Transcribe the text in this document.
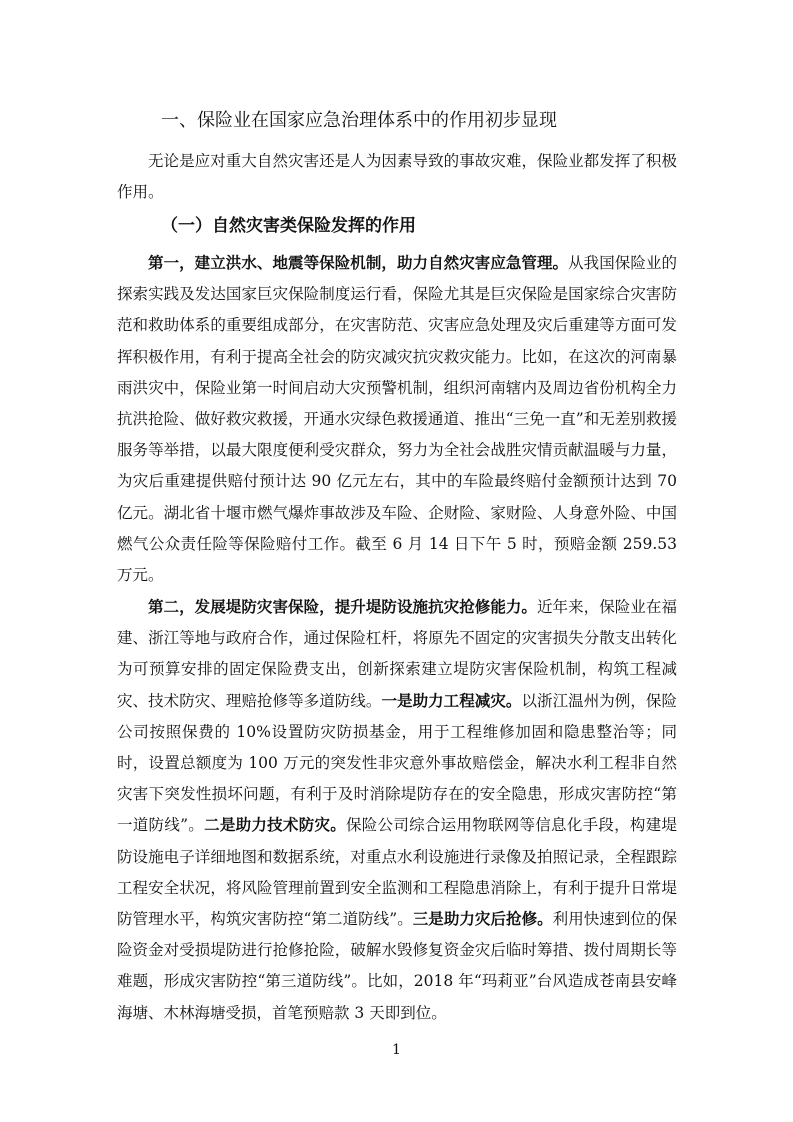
一、保险业在国家应急治理体系中的作用初步显现
无论是应对重大自然灾害还是人为因素导致的事故灾难，保险业都发挥了积极作用。
（一）自然灾害类保险发挥的作用
第一，建立洪水、地震等保险机制，助力自然灾害应急管理。从我国保险业的探索实践及发达国家巨灾保险制度运行看，保险尤其是巨灾保险是国家综合灾害防范和救助体系的重要组成部分，在灾害防范、灾害应急处理及灾后重建等方面可发挥积极作用，有利于提高全社会的防灾减灾抗灾救灾能力。比如，在这次的河南暴雨洪灾中，保险业第一时间启动大灾预警机制，组织河南辖内及周边省份机构全力抗洪抢险、做好救灾救援，开通水灾绿色救援通道、推出“三免一直”和无差别救援服务等举措，以最大限度便利受灾群众，努力为全社会战胜灾情贡献温暖与力量，为灾后重建提供赔付预计达 90 亿元左右，其中的车险最终赔付金额预计达到 70 亿元。湖北省十堰市燃气爆炸事故涉及车险、企财险、家财险、人身意外险、中国燃气公众责任险等保险赔付工作。截至 6 月 14 日下午 5 时，预赔金额 259.53 万元。
第二，发展堤防灾害保险，提升堤防设施抗灾抢修能力。近年来，保险业在福建、浙江等地与政府合作，通过保险杠杆，将原先不固定的灾害损失分散支出转化为可预算安排的固定保险费支出，创新探索建立堤防灾害保险机制，构筑工程减灾、技术防灾、理赔抢修等多道防线。一是助力工程减灾。以浙江温州为例，保险公司按照保费的 10%设置防灾防损基金，用于工程维修加固和隐患整治等；同时，设置总额度为 100 万元的突发性非灾意外事故赔偿金，解决水利工程非自然灾害下突发性损坏问题，有利于及时消除堤防存在的安全隐患，形成灾害防控“第一道防线”。二是助力技术防灾。保险公司综合运用物联网等信息化手段，构建堤防设施电子详细地图和数据系统，对重点水利设施进行录像及拍照记录，全程跟踪工程安全状况，将风险管理前置到安全监测和工程隐患消除上，有利于提升日常堤防管理水平，构筑灾害防控“第二道防线”。三是助力灾后抢修。利用快速到位的保险资金对受损堤防进行抢修抢险，破解水毁修复资金灾后临时筹措、拨付周期长等难题，形成灾害防控“第三道防线”。比如，2018 年“玛莉亚”台风造成苍南县安峰海塘、木林海塘受损，首笔预赔款 3 天即到位。
1
